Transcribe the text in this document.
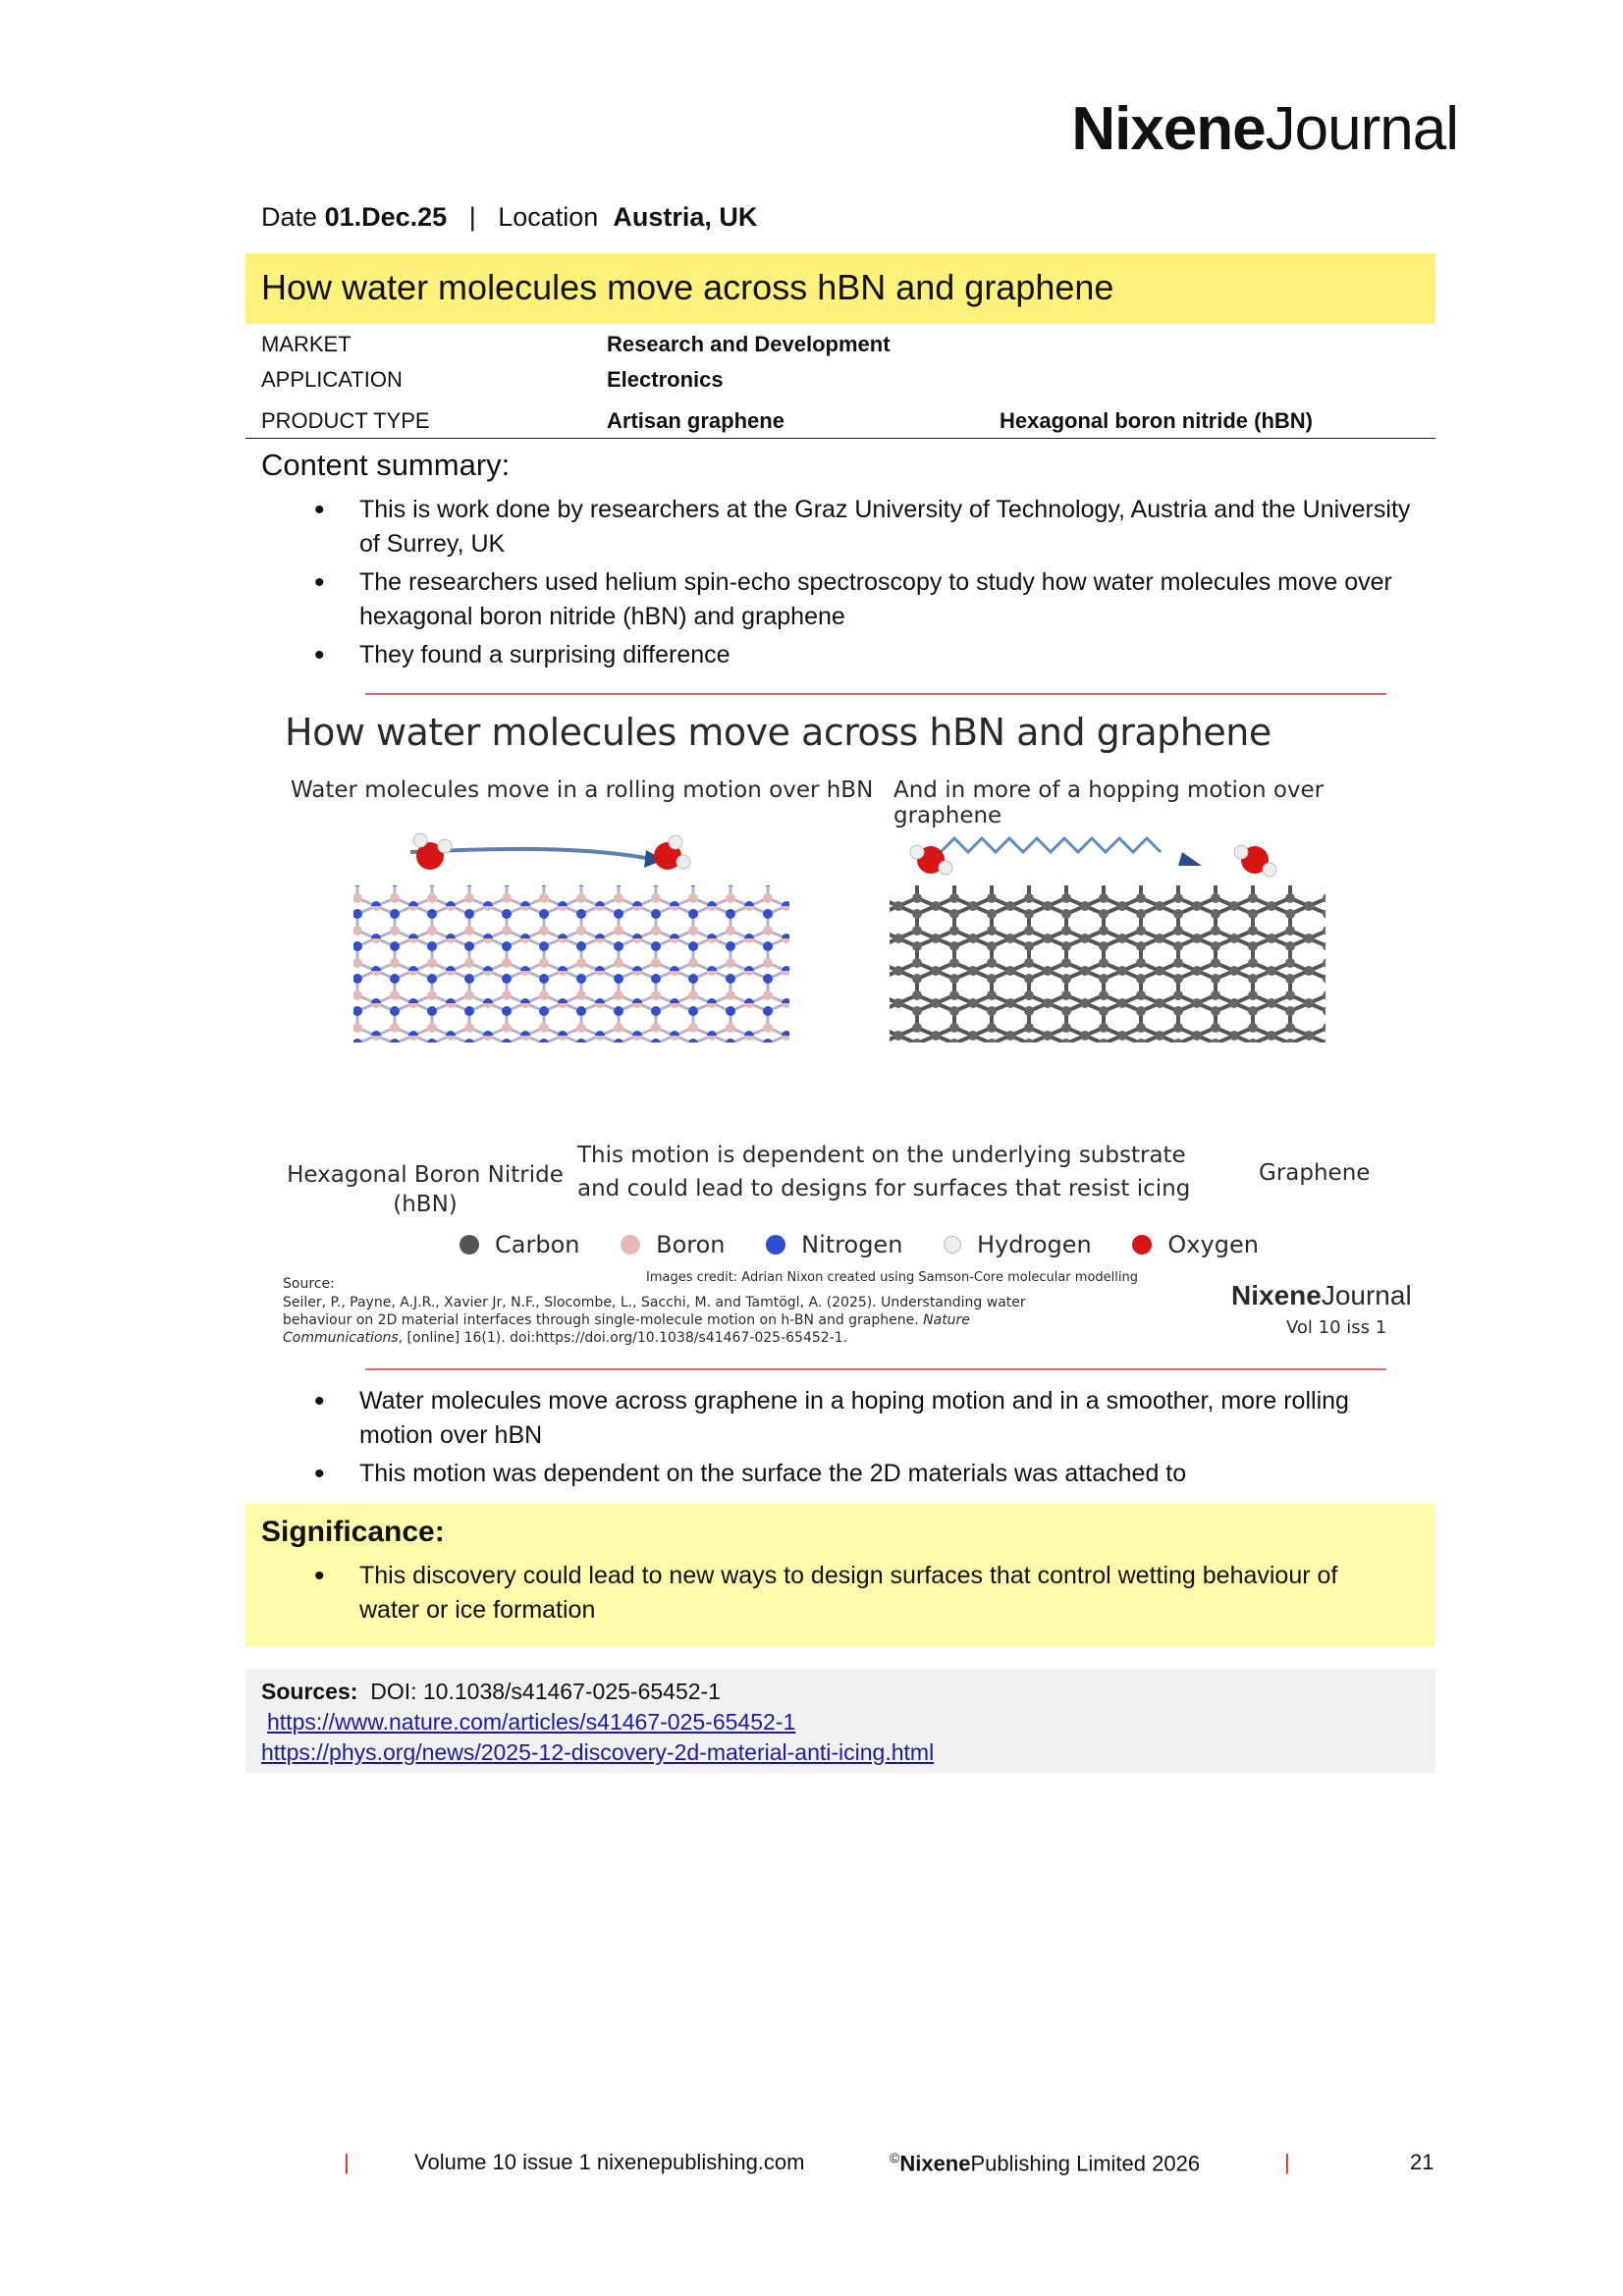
NixeneJournal
Date 01.Dec.25 | Location Austria, UK
How water molecules move across hBN and graphene
MARKET	Research and Development
APPLICATION	Electronics
PRODUCT TYPE	Artisan graphene	Hexagonal boron nitride (hBN)
Content summary:
• This is work done by researchers at the Graz University of Technology, Austria and the University of Surrey, UK
• The researchers used helium spin-echo spectroscopy to study how water molecules move over hexagonal boron nitride (hBN) and graphene
• They found a surprising difference
How water molecules move across hBN and graphene
Water molecules move in a rolling motion over hBN And in more of a hopping motion over graphene
Hexagonal Boron Nitride
(hBN)
This motion is dependent on the underlying substrate
and could lead to designs for surfaces that resist icing
Graphene
Carbon	Boron	Nitrogen	Hydrogen	Oxygen
Source:	Images credit: Adrian Nixon created using Samson-Core molecular modelling
Seiler, P., Payne, A.J.R., Xavier Jr, N.F., Slocombe, L., Sacchi, M. and Tamtögl, A. (2025). Understanding water
behaviour on 2D material interfaces through single-molecule motion on h-BN and graphene. Nature
Communications, [online] 16(1). doi:https://doi.org/10.1038/s41467-025-65452-1.
NixeneJournal
Vol 10 iss 1
• Water molecules move across graphene in a hoping motion and in a smoother, more rolling motion over hBN
• This motion was dependent on the surface the 2D materials was attached to
Significance:
• This discovery could lead to new ways to design surfaces that control wetting behaviour of water or ice formation
Sources: DOI: 10.1038/s41467-025-65452-1
https://www.nature.com/articles/s41467-025-65452-1
https://phys.org/news/2025-12-discovery-2d-material-anti-icing.html
|	Volume 10 issue 1 nixenepublishing.com	©NixenePublishing Limited 2026	|	21
